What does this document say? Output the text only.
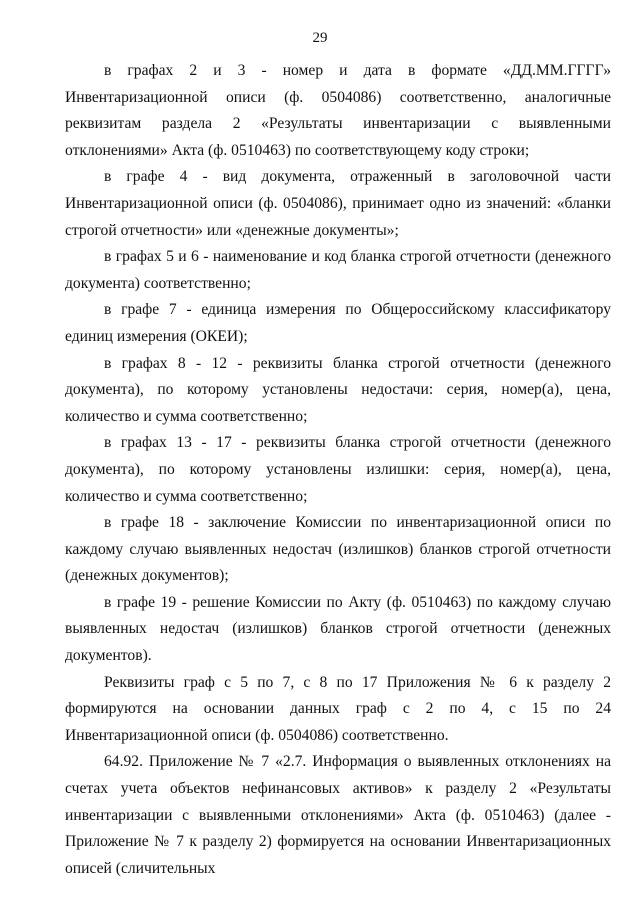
29

в графах 2 и 3 - номер и дата в формате «ДД.ММ.ГГГГ» Инвентаризационной описи (ф. 0504086) соответственно, аналогичные реквизитам раздела 2 «Результаты инвентаризации с выявленными отклонениями» Акта (ф. 0510463) по соответствующему коду строки;

в графе 4 - вид документа, отраженный в заголовочной части Инвентаризационной описи (ф. 0504086), принимает одно из значений: «бланки строгой отчетности» или «денежные документы»;

в графах 5 и 6 - наименование и код бланка строгой отчетности (денежного документа) соответственно;

в графе 7 - единица измерения по Общероссийскому классификатору единиц измерения (ОКЕИ);

в графах 8 - 12 - реквизиты бланка строгой отчетности (денежного документа), по которому установлены недостачи: серия, номер(а), цена, количество и сумма соответственно;

в графах 13 - 17 - реквизиты бланка строгой отчетности (денежного документа), по которому установлены излишки: серия, номер(а), цена, количество и сумма соответственно;

в графе 18 - заключение Комиссии по инвентаризационной описи по каждому случаю выявленных недостач (излишков) бланков строгой отчетности (денежных документов);

в графе 19 - решение Комиссии по Акту (ф. 0510463) по каждому случаю выявленных недостач (излишков) бланков строгой отчетности (денежных документов).

Реквизиты граф с 5 по 7, с 8 по 17 Приложения № 6 к разделу 2 формируются на основании данных граф с 2 по 4, с 15 по 24 Инвентаризационной описи (ф. 0504086) соответственно.

64.92. Приложение № 7 «2.7. Информация о выявленных отклонениях на счетах учета объектов нефинансовых активов» к разделу 2 «Результаты инвентаризации с выявленными отклонениями» Акта (ф. 0510463) (далее - Приложение № 7 к разделу 2) формируется на основании Инвентаризационных описей (сличительных
